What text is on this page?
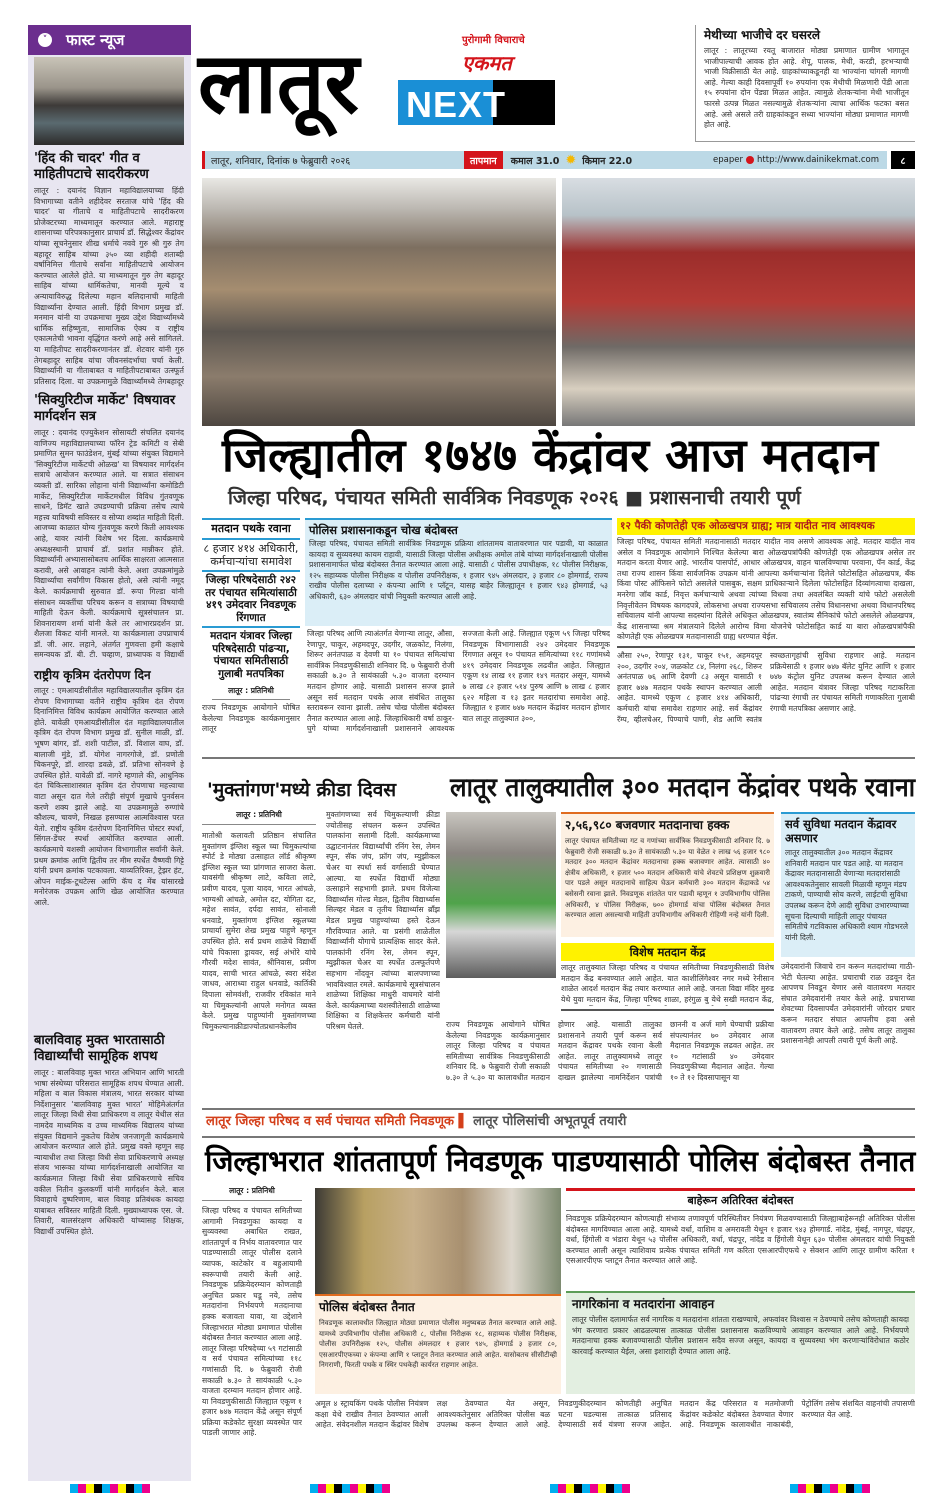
˅	फास्ट न्यूज
'हिंद की चादर' गीत व माहितीपटाचे सादरीकरण
लातूर : दयानंद विज्ञान महाविद्यालयाच्या हिंदी विभागाच्या वतीने शहीदेवर सरताज यांचे 'हिंद की चादर' या गीताचे व माहितीपटाचे सादरीकरण प्रोजेक्टरच्या माध्यमातून करण्यात आले. महाराष्ट्र शासनाच्या परिपत्रकानुसार प्राचार्य डॉ. सिद्धेश्वर केंद्रांवर यांच्या सूचनेनुसार शीख धर्माचे नववे गुरु श्री गुरु तेग बहादूर साहिब यांच्या ३५० व्या शहीदी शताब्दी वर्षानिमित्त गीताचे सर्वांना माहितीपटाचे आयोजन करण्यात आलेले होते. या माध्यमातून गुरु तेग बहादूर साहिब यांच्या धार्मिकतेचा, मानवी मूल्ये व अन्यायाविरुद्ध दिलेल्या महान बलिदानाची माहिती विद्यार्थ्यांना देण्यात आली. हिंदी विभाग प्रमुख डॉ. मनमान यांनी या उपक्रमाचा मुख्य उद्देश विद्यार्थ्यांमध्ये धार्मिक सहिष्णुता, सामाजिक ऐक्य व राष्ट्रीय एकात्मतेची भावना वृद्धिंगत करणे आहे असे सांगितले. या माहितीपट सादरीकरणानंतर डॉ. शेटवार यांनी गुरु तेगबहादूर साहिब यांचा जीवनसंदर्भाचा चर्चा केली. विद्यार्थ्यांनी या गीताबाबत व माहितीपटाबाबत उत्स्फूर्त प्रतिसाद दिला. या उपक्रमामुळे विद्यार्थ्यांमध्ये तेगबहादूर
'सिक्युरिटीज मार्केट' विषयावर मार्गदर्शन सत्र
लातूर : दयानंद एज्युकेशन सोसायटी संचलित दयानंद वाणिज्य महाविद्यालयाच्या फॉरेन ट्रेड कमिटी व सेबी प्रमाणित सुमन फाउंडेशन, मुंबई यांच्या संयुक्त विद्यमाने 'सिक्युरिटीज मार्केटची ओळख' या विषयावर मार्गदर्शन सत्राचे आयोजन करण्यात आले. या सत्रात संसाधन व्यक्ती डॉ. सारिका लोहाना यांनी विद्यार्थ्यांना कमोडिटी मार्केट, सिक्युरिटीज मार्केटमधील विविध गुंतवणूक साधने, डिमॅट खाते उघडण्याची प्रक्रिया तसेच त्याचे महत्त्व याविषयी सविस्तर व सोप्या शब्दांत माहिती दिली. आजच्या काळात योग्य गुंतवणूक करणे किती आवश्यक आहे, यावर त्यांनी विशेष भर दिला. कार्यक्रमाचे अध्यक्षस्थानी प्राचार्य डॉ. प्रशांत मान्नीकर होते. विद्यार्थ्यांनी अभ्यासासोबतच आर्थिक साक्षरता आत्मसात करावी, असे आवाहन त्यांनी केले. अशा उपक्रमांमुळे विद्यार्थ्यांचा सर्वांगीण विकास होतो, असे त्यांनी नमूद केले. कार्यक्रमाची सुरुवात डॉ. रूपा गिल्डा यांनी संसाधन व्यक्तींचा परिचय करून व सत्राच्या विषयाची माहिती देऊन केली. कार्यक्रमाचे सूत्रसंचालन प्रा. शिवनारायण शर्मा यांनी केले तर आभारप्रदर्शन प्रा. शैलजा विकट यांनी मानले. या कार्यक्रमाला उपप्राचार्य डॉ. जी. आर. लहाने, अंतर्गत गुणवत्ता हमी कक्षाचे समन्वयक डॉ. बी. टी. चव्हाण, प्राध्यापक व विद्यार्थी
राष्ट्रीय कृत्रिम दंतरोपण दिन
लातूर : एमआयडीसीतील महाविद्यालयातील कृत्रिम दंत रोपण विभागाच्या वतीने राष्ट्रीय कृत्रिम दंत रोपण दिनानिमित्त विविध कार्यक्रम आयोजित करण्यात आले होते. यावेळी एमआयडीसीतील दंत महाविद्यालयातील कृत्रिम दंत रोपण विभाग प्रमुख डॉ. सुनील माळी, डॉ. भूषण बांगर, डॉ. शशी पाटील, डॉ. विशाल वाघ, डॉ. बालाजी मुंडे, डॉ. योगेश नागरगोजे, डॉ. प्रणोती चिकनपूरे, डॉ. शारदा डवळे, डॉ. प्रतिभा सोनवणे हे उपस्थित होते. यावेळी डॉ. नागरे म्हणाले की, आधुनिक दंत चिकित्साशास्त्रात कृत्रिम दंत रोपणाचा महत्त्वाचा वाटा असून दात गेले तरीही संपूर्ण मुखाचे पुनर्वसन करणे शक्य झाले आहे. या उपक्रमामुळे रुग्णांचे कौशल्य, चावणे, निखळ हसण्यास आत्मविश्वास परत येतो. राष्ट्रीय कृत्रिम दंतरोपण दिनानिमित्त पोस्टर स्पर्धा, सिंगल-डेंचर स्पर्धा आयोजित करण्यात आली. कार्यक्रमाचे यशस्वी आयोजन विभागातील सर्वांनी केले. प्रथम क्रमांक आणि द्वितीय तर मीम स्पर्धेत वैष्णवी गिट्टे यांनी प्रथम क्रमांक पटकावला. याव्यतिरिक्त, ट्रेझर हंट, ओपन माईक-टूथटेल्स आणि कॅच द मेंब यांसारखे मनोरंजक उपक्रम आणि खेळ आयोजित करण्यात आले.
बालविवाह मुक्त भारतासाठी विद्यार्थ्यांची सामूहिक शपथ
लातूर : बालविवाह मुक्त भारत अभियान आणि भारती भाषा संस्थेच्या परिसरात सामूहिक शपथ घेण्यात आली. महिला व बाल विकास मंत्रालय, भारत सरकार यांच्या निर्देशानुसार ‘बालविवाह मुक्त भारत’ मोहिमेअंतर्गत लातूर जिल्हा विधी सेवा प्राधिकरण व लातूर येथील संत नामदेव माध्यमिक व उच्च माध्यमिक विद्यालय यांच्या संयुक्त विद्यमाने नुकतेच विशेष जनजागृती कार्यक्रमाचे आयोजन करण्यात आले होते. प्रमुख वक्ते म्हणून सह न्यायाधीश तथा जिल्हा विधी सेवा प्राधिकरणाचे अध्यक्ष संजय भारूका यांच्या मार्गदर्शनाखाली आयोजित या कार्यक्रमात जिल्हा विधी सेवा प्राधिकरणाचे सचिव वकील नितीन कुलकर्णी यांनी मार्गदर्शन केले. बाल विवाहाचे दुष्परिणाम, बाल विवाह प्रतिबंधक कायदा याबाबत सविस्तर माहिती दिली. मुख्याध्यापक एस. जे. तिवारी, बालसंरक्षण अधिकारी यांच्यासह शिक्षक, विद्यार्थी उपस्थित होते.
लातूर	पुरोगामी विचाराचे
एकमत
NEXT
मेथीच्या भाजीचे दर घसरले
लातूर : लातूरच्या रयतू बाजारात मोठ्या प्रमाणात ग्रामीण भागातून भाजीपाल्याची आवक होत आहे. शेपू, पालक, मेथी, करडी, हरभऱ्याची भाजी विक्रीसाठी येत आहे. ग्राहकांच्याकडूनही या भाज्यांना चांगली मागणी आहे. गेल्या काही दिवसापूर्वी १० रुपयांना एक मेथीची मिळणारी पेंडी आता १५ रुपयांना दोन पेंड्या मिळत आहेत. त्यामुळे शेतकऱ्यांना मेथी भाजीतून फारसे उत्पन्न मिळत नसल्यामुळे शेतकऱ्यांना त्याचा आर्थिक फटका बसत आहे. असे असले तरी ग्राहकांकडून सध्या भाज्यांना मोठ्या प्रमाणात मागणी होत आहे.
लातूर, शनिवार, दिनांक ७ फेब्रुवारी २०२६	तापमान	कमाल 31.0 ✹ किमान 22.0	epaper http://www.dainikekmat.com	८
जिल्ह्यातील १७४७ केंद्रांवर आज मतदान
जिल्हा परिषद, पंचायत समिती सार्वत्रिक निवडणूक २०२६ ■ प्रशासनाची तयारी पूर्ण
मतदान पथके रवाना
८ हजार ४१४ अधिकारी, कर्मचाऱ्यांचा समावेश
जिल्हा परिषदेसाठी २४२ तर पंचायत समित्यांसाठी ४१९ उमेदवार निवडणूक रिंगणात
मतदान यंत्रावर जिल्हा परिषदेसाठी पांढऱ्या, पंचायत समितीसाठी गुलाबी मतपत्रिका
लातूर : प्रतिनिधी
राज्य निवडणूक आयोगाने घोषित केलेल्या निवडणूक कार्यक्रमानुसार लातूर
पोलिस प्रशासनाकडून चोख बंदोबस्त
जिल्हा परिषद, पंचायत समिती सार्वत्रिक निवडणूक प्रक्रिया शांततामय वातावरणात पार पडावी, या काळात कायदा व सुव्यवस्था कायम राहावी, यासाठी जिल्हा पोलीस अधीक्षक अमोल तांबे यांच्या मार्गदर्शनाखाली पोलीस प्रशासनामार्फत चोख बंदोबस्त तैनात करण्यात आला आहे. यासाठी ८ पोलीस उपाधीक्षक, १८ पोलीस निरीक्षक, १२५ सहाय्यक पोलीस निरीक्षक व पोलीस उपनिरीक्षक, १ हजार ९४५ अंमलदार, ३ हजार ८० होमगार्ड, राज्य राखीव पोलीस दलाच्या २ कंपन्या आणि १ प्लॅटून, यासह बाहेर जिल्ह्यातून १ हजार ९४३ होमगार्ड, ५३ अधिकारी, ६३० अंमलदार यांची नियुक्ती करण्यात आली आहे.
जिल्हा परिषद आणि त्याअंतर्गत येणाऱ्या लातूर, औसा, रेणापूर, चाकूर, अहमदपूर, उदगीर, जळकोट, निलंगा, शिरूर अनंतपाळ व देवणी या १० पंचायत समित्यांचा सार्वत्रिक निवडणुकीसाठी शनिवार दि. ७ फेब्रुवारी रोजी सकाळी ७.३० ते सायंकाळी ५.३० वाजता दरम्यान मतदान होणार आहे. यासाठी प्रशासन सज्ज झाले असून सर्व मतदान पथके आज संबंधित तालुका स्तरावरून रवाना झाली. तसेच चोख पोलीस बंदोबस्त तैनात करण्यात आला आहे. जिल्हाधिकारी वर्षा ठाकूर-घुगे यांच्या मार्गदर्शनाखाली प्रशासनाने आवश्यक सज्जता केली आहे. जिल्ह्यात एकूण ५९ जिल्हा परिषद निवडणूक विभागासाठी २४२ उमेदवार निवडणूक रिंगणात असून १० पंचायत समित्यांच्या ११८ गणांमध्ये ४१९ उमेदवार निवडणूक लढवीत आहेत. जिल्ह्यात एकूण १४ लाख ११ हजार १४९ मतदार असून, यामध्ये ७ लाख ८२ हजार ५१४ पुरुष आणि ७ लाख ८ हजार ६२२ महिला व १३ इतर मतदारांचा समावेश आहे. जिल्ह्यात १ हजार ७४७ मतदान केंद्रांवर मतदान होणार यात लातूर तालुक्यात ३००,
१२ पैकी कोणतेही एक ओळखपत्र ग्राह्य; मात्र यादीत नाव आवश्यक
जिल्हा परिषद, पंचायत समिती मतदानासाठी मतदार यादीत नाव असणे आवश्यक आहे. मतदार यादीत नाव असेल व निवडणूक आयोगाने निश्चित केलेल्या बारा ओळखपत्रांपैकी कोणतेही एक ओळखपत्र असेल तर मतदान करता येणार आहे. भारतीय पासपोर्ट, आधार ओळखपत्र, वाहन चालविण्याचा परवाना, पॅन कार्ड, केंद्र तथा राज्य शासन किंवा सार्वजनिक उपक्रम यांनी आपल्या कर्मचाऱ्यांना दिलेले फोटोसहित ओळखपत्र, बँक किंवा पोस्ट ऑफिसने फोटो असलेले पासबुक, सक्षम प्राधिकाऱ्याने दिलेला फोटोसहित दिव्यांगत्वाचा दाखला, मनरेगा जॉब कार्ड, निवृत्त कर्मचाऱ्याचे अथवा त्यांच्या विधवा तथा अवलंबित व्यक्ती यांचे फोटो असलेली निवृत्तीवेतन विषयक कागदपत्रे, लोकसभा अथवा राज्यसभा सचिवालय तसेच विधानसभा अथवा विधानपरिषद सचिवालय यांनी आपल्या सदस्यांना दिलेले अधिकृत ओळखपत्र, स्वातंत्र्य सैनिकांचे फोटो असलेले ओळखपत्र, केंद्र शासनाच्या श्रम मंत्रालयाने दिलेले आरोग्य विमा योजनेचे फोटोसहित कार्ड या बारा ओळखपत्रांपैकी कोणतेही एक ओळखपत्र मतदानासाठी ग्राह्य धरण्यात येईल.
औसा २५०, रेणापूर १३१, चाकूर १५१, अहमदपूर २००, उदगीर २०४, जळकोट ८४, निलंगा २६८, शिरूर अनंतपाळ ७६ आणि देवणी ८३ असून यासाठी १ हजार ७४७ मतदान पथके स्थापन करण्यात आली आहेत. यामध्ये एकूण ८ हजार ४१४ अधिकारी, कर्मचारी यांचा समावेश राहणार आहे. सर्व केंद्रांवर रॅम्प, व्हीलचेअर, पिण्याचे पाणी, शेड आणि स्वतंत्र स्वच्छतागृहांची सुविधा राहणार आहे. मतदान प्रक्रियेसाठी १ हजार ७४७ बॅलेट युनिट आणि १ हजार ७४७ कंट्रोल युनिट उपलब्ध करून देण्यात आले आहेत. मतदान यंत्रावर जिल्हा परिषद गटाकरिता पांढऱ्या रंगाची तर पंचायत समिती गणाकरिता गुलाबी रंगाची मतपत्रिका असणार आहे.
'मुक्तांगण'मध्ये क्रीडा दिवस
लातूर : प्रतिनिधी
मातोश्री कलावती प्रतिष्ठान संचालित मुक्तांगण इंग्लिश स्कूल च्या चिमुकल्यांचा स्पोर्ट डे मोठ्या उत्साहात लॉर्ड श्रीकृष्ण इंग्लिश स्कूल च्या प्रांगणात साजरा केला. यावसंगी श्रीकृष्ण लाटे, कविता लाटे, प्रवीण यादव, पूजा यादव, भारत आंचळे, भाग्यश्री आंचळे, अमोल दट, योगिता दट, महेश सावंत, दर्पदा सावंत, सोनाली धनवाडे, मुक्तांगण इंग्लिश स्कूलच्या प्राचार्या सुमेरा शेख प्रमुख पाहुणे म्हणून उपस्थित होते. सर्व प्रथम शाळेचे विद्यार्थी यांचे पिकासा ड्रायवर, सई अंभोरे यांचे गौरवी मदेश सावंत, श्रीनिवास, प्रवीण यादव, साची भारत आंचळे, स्वरा संदेश जाधव, आराध्या राहुल धनवाडे, कार्तिकी दिपाला सोमवंशी, राजवीर रविकांत माने या चिमुकल्यांनी आपले मनोगत व्यक्त केले. प्रमुख पाहुण्यांनी मुक्तांगणच्या चिमुकल्यानाक्रीडाज्योतप्रधानकेलीव मुक्तांगणच्या सर्व चिमुकल्याणी क्रीडा ज्योतीसह संचलन करून उपस्थित पालकांना सलामी दिली. कार्यक्रमाच्या उद्घाटनानंतर विद्यार्थ्यांची रनिंग रेस, लेमन स्पून, सॅक जंप, फ्रॉग जंप, म्युझीकल चेअर या स्पर्धा सर्व वर्गासाठी घेण्यात आल्या. या स्पर्धेत विद्यार्थी मोठ्या उत्साहाने सहभागी झाले. प्रथम विजेत्या विद्यार्थ्यांस गोल्ड मेडल, द्वितीय विद्यार्थ्यास सिल्व्हर मेडल व तृतीय विद्यार्थ्यास ब्रॉंझ मेडल प्रमुख पाहुण्यांच्या हस्ते देऊन गौरविण्यात आले. या प्रसंगी शाळेतील विद्यार्थ्यांनी योगाचे प्रात्यक्षिक सादर केले. पालकांनी रनिंग रेस, लेमन स्पून, म्युझीकल चेअर या स्पर्धेत उत्स्फूर्तपणे सहभाग नोंदवून त्यांच्या बालपणाच्या भावविश्वात रमले. कार्यक्रमाचे सूत्रसंचालन शाळेच्या शिक्षिका माधुरी वाघमारे यांनी केले. कार्यक्रमाच्या यशस्वीतेसाठी शाळेच्या शिक्षिका व शिक्षकेत्तर कर्मचारी यांनी परिश्रम घेतले.
लातूर तालुक्यातील ३०० मतदान केंद्रांवर पथके रवाना
२,५६,९८० बजवणार मतदानाचा हक्क
लातूर पंचायत समितीच्या गट व गणांच्या सार्वत्रिक निवडणुकीसाठी शनिवार दि. ७ फेब्रुवारी रोजी सकाळी ७.३० ते सायंकाळी ५.३० या वेळेत २ लाख ५६ हजार ९८० मतदार ३०० मतदान केंद्रांवर मतदानाचा हक्क बजावणार आहेत. त्यासाठी ४० क्षेत्रीय अधिकारी, १ हजार ५०० मतदान अधिकारी यांचे शेवटचे प्रशिक्षण शुक्रवारी पार पडले असून मतदानाचे साहित्य घेऊन कर्मचारी ३०० मतदान केंद्राकडे ५४ बसेसनी रवाना झाले. निवडणूक शांततेत पार पडावी म्हणून १ उपविभागीय पोलिस अधिकारी, ४ पोलिस निरीक्षक, ७०० होमगार्ड यांचा पोलिस बंदोबस्त तैनात करण्यात आला असल्याची माहिती उपविभागीय अधिकारी रोहिणी नन्हे यांनी दिली.
सर्व सुविधा मतदान केंद्रावर असणार
लातूर तालुक्यातील ३०० मतदान केंद्रावर शनिवारी मतदान पार पडत आहे. या मतदान केंद्रावर मतदानासाठी येणाऱ्या मतदारांसाठी आवश्यकतेनुसार सावली मिळावी म्हणून मंडप टाकणे, पाण्याची सोय करणे, लाईटची सुविधा उपलब्ध करून देणे आदी सुविधा उभारण्याच्या सूचना दिल्याची माहिती लातूर पंचायत समितीचे गटविकास अधिकारी श्याम गोडभरले यांनी दिली.
उमेदवारांनी जिवाचे रान करून मतदारांच्या गाठी-भेटी घेतल्या आहेत. प्रचाराची राळ उडवून देत आपणच निवडून येणार असे वातावरण मतदार संघात उमेदवारांनी तयार केले आहे. प्रचाराच्या शेवटच्या दिवसापर्यंत उमेदवारांनी जोरदार प्रचार करून मतदार संघात आपलीच हवा असे वातावरण तयार केले आहे. तसेच लातूर तालुका प्रशासनानेही आपली तयारी पूर्ण केली आहे.
विशेष मतदान केंद्र
लातूर तालुक्यात जिल्हा परिषद व पंचायत समितीच्या निवडणुकीसाठी विशेष मतदान केंद्र बनवण्यात आले आहेत. यात काशीलिंगेश्वर नगर मध्ये रेनीसान शाळेत आदर्श मतदान केंद्र तयार करण्यात आले आहे. जनता विद्या मंदिर मुरुड येथे युवा मतदान केंद्र, जिल्हा परिषद शाळा, हरंगुळ बु येथे सखी मतदान केंद्र,
राज्य निवडणूक आयोगाने घोषित केलेल्या निवडणूक कार्यक्रमानुसार लातूर जिल्हा परिषद व पंचायत समितीच्या सार्वत्रिक निवडणुकीसाठी शनिवार दि. ७ फेब्रुवारी रोजी सकाळी ७.३० ते ५.३० या कालावधीत मतदान होणार आहे. यासाठी तालुका प्रशासनाने तयारी पूर्ण करून सर्व मतदान केंद्रावर पथके रवाना केली आहेत. लातूर तालुक्यामध्ये लातूर पंचायत समितीच्या २० गणासाठी दाखल झालेल्या नामनिर्देशन पत्रांची छाननी व अर्ज मागे घेण्याची प्रक्रीया संपल्यानंतर ७० उमेदवार आज मैदानात निवडणूक लढवत आहेत. तर १० गटांसाठी ४० उमेदवार निवडणुकीच्या मैदानात आहेत. गेल्या १० ते १२ दिवसापासून या
लातूर जिल्हा परिषद व सर्व पंचायत समिती निवडणूक ▌ लातूर पोलिसांची अभूतपूर्व तयारी
जिल्हाभरात शांततापूर्ण निवडणूक पाडण्यासाठी पोलिस बंदोबस्त तैनात
लातूर : प्रतिनिधी
जिल्हा परिषद व पंचायत समितीच्या आगामी निवडणुका कायदा व सुव्यवस्था अबाधित राखत, शांततापूर्ण व निर्भय वातावरणात पार पाडण्यासाठी लातूर पोलीस दलाने व्यापक, काटेकोर व बहुआयामी स्वरूपाची तयारी केली आहे. निवडणूक प्रक्रियेदरम्यान कोणताही अनुचित प्रकार घडू नये, तसेच मतदारांना निर्भयपणे मतदानाचा हक्क बजावता यावा, या उद्देशाने जिल्हाभरात मोठ्या प्रमाणात पोलीस बंदोबस्त तैनात करण्यात आला आहे. लातूर जिल्हा परिषदेच्या ५९ गटांसाठी व सर्व पंचायत समित्यांच्या ११८ गणांसाठी दि. ७ फेब्रुवारी रोजी सकाळी ७.३० ते सायंकाळी ५.३० वाजता दरम्यान मतदान होणार आहे. या निवडणुकीसाठी जिल्ह्यात एकूण १ हजार ७४७ मतदान केंद्रे असून संपूर्ण प्रक्रिया कडेकोट सुरक्षा व्यवस्थेत पार पाडली जाणार आहे.
पोलिस बंदोबस्त तैनात
निवडणूक कालावधीत जिल्ह्यात मोठ्या प्रमाणात पोलीस मनुष्यबळ तैनात करण्यात आले आहे. यामध्ये उपविभागीय पोलीस अधिकारी ८, पोलीस निरीक्षक १८, सहाय्यक पोलीस निरीक्षक, पोलीस उपनिरीक्षक १२५, पोलीस अंमलदार १ हजार ९४५, होमगार्ड ३ हजार ८०, एसआरपीएफच्या २ कंपन्या आणि १ प्लाटून तैनात करण्यात आले आहेत. यासोबतच सीसीटीव्ही निगराणी, फिरती पथके व स्थिर पथकेही कार्यरत राहणार आहेत.
बाहेरून अतिरिक्त बंदोबस्त
निवडणूक प्रक्रियेदरम्यान कोणत्याही संभाव्य तणावपूर्ण परिस्थितीवर नियंत्रण मिळवण्यासाठी जिल्ह्याबाहेरूनही अतिरिक्त पोलीस बंदोबस्त मागविण्यात आला आहे. यामध्ये वर्धा, वाशिम व अमरावती येथून १ हजार ९४३ होमगार्ड. नांदेड, मुंबई, नागपूर, चंद्रपूर, वर्धा, हिंगोली व भंडारा येथून ५३ पोलीस अधिकारी, वर्धा, चंद्रपूर, नांदेड व हिंगोली येथून ६३० पोलीस अंमलदार यांची नियुक्ती करण्यात आली असून त्याशिवाय प्रत्येक पंचायत समिती गण करिता एसआरपीएफचे २ सेक्शन आणि लातूर ग्रामीण करिता १ एसआरपीएफ प्लाटून तैनात करण्यात आले आहे.
नागरिकांना व मतदारांना आवाहन
लातूर पोलीस दलामार्फत सर्व नागरिक व मतदारांना शांतता राखण्याचे, अफवांवर विश्वास न ठेवण्याचे तसेच कोणताही कायदा भंग करणारा प्रकार आढळल्यास तात्काळ पोलीस प्रशासनास कळविण्याचे आवाहन करण्यात आले आहे. निर्भयपणे मतदानाचा हक्क बजावण्यासाठी पोलीस प्रशासन सदैव सज्ज असून, कायदा व सुव्यवस्था भंग करणाऱ्यांविरोधात कठोर कारवाई करण्यात येईल, असा इशाराही देण्यात आला आहे.
अमूल ४ स्ट्रायकिंग पथके पोलीस नियंत्रण कक्षा येथे राखीव तैनात ठेवण्यात आली आहेत. संवेदनशील मतदान केंद्रांवर विशेष लक्ष ठेवण्यात येत असून, आवश्यकतेनुसार अतिरिक्त पोलीस बळ उपलब्ध करून देण्यात आले आहे. निवडणुकीदरम्यान कोणतीही अनुचित घटना घडल्यास तात्काळ प्रतिसाद देण्यासाठी सर्व यंत्रणा सज्ज आहेत. मतदान केंद्र परिसरात व मतमोजणी केंद्रांवर कडेकोट बंदोबस्त ठेवण्यात येणार आहे. निवडणूक कालावधीत नाकाबंदी, पेट्रोलिंग तसेच संशयित वाहनांची तपासणी करण्यात येत आहे.
